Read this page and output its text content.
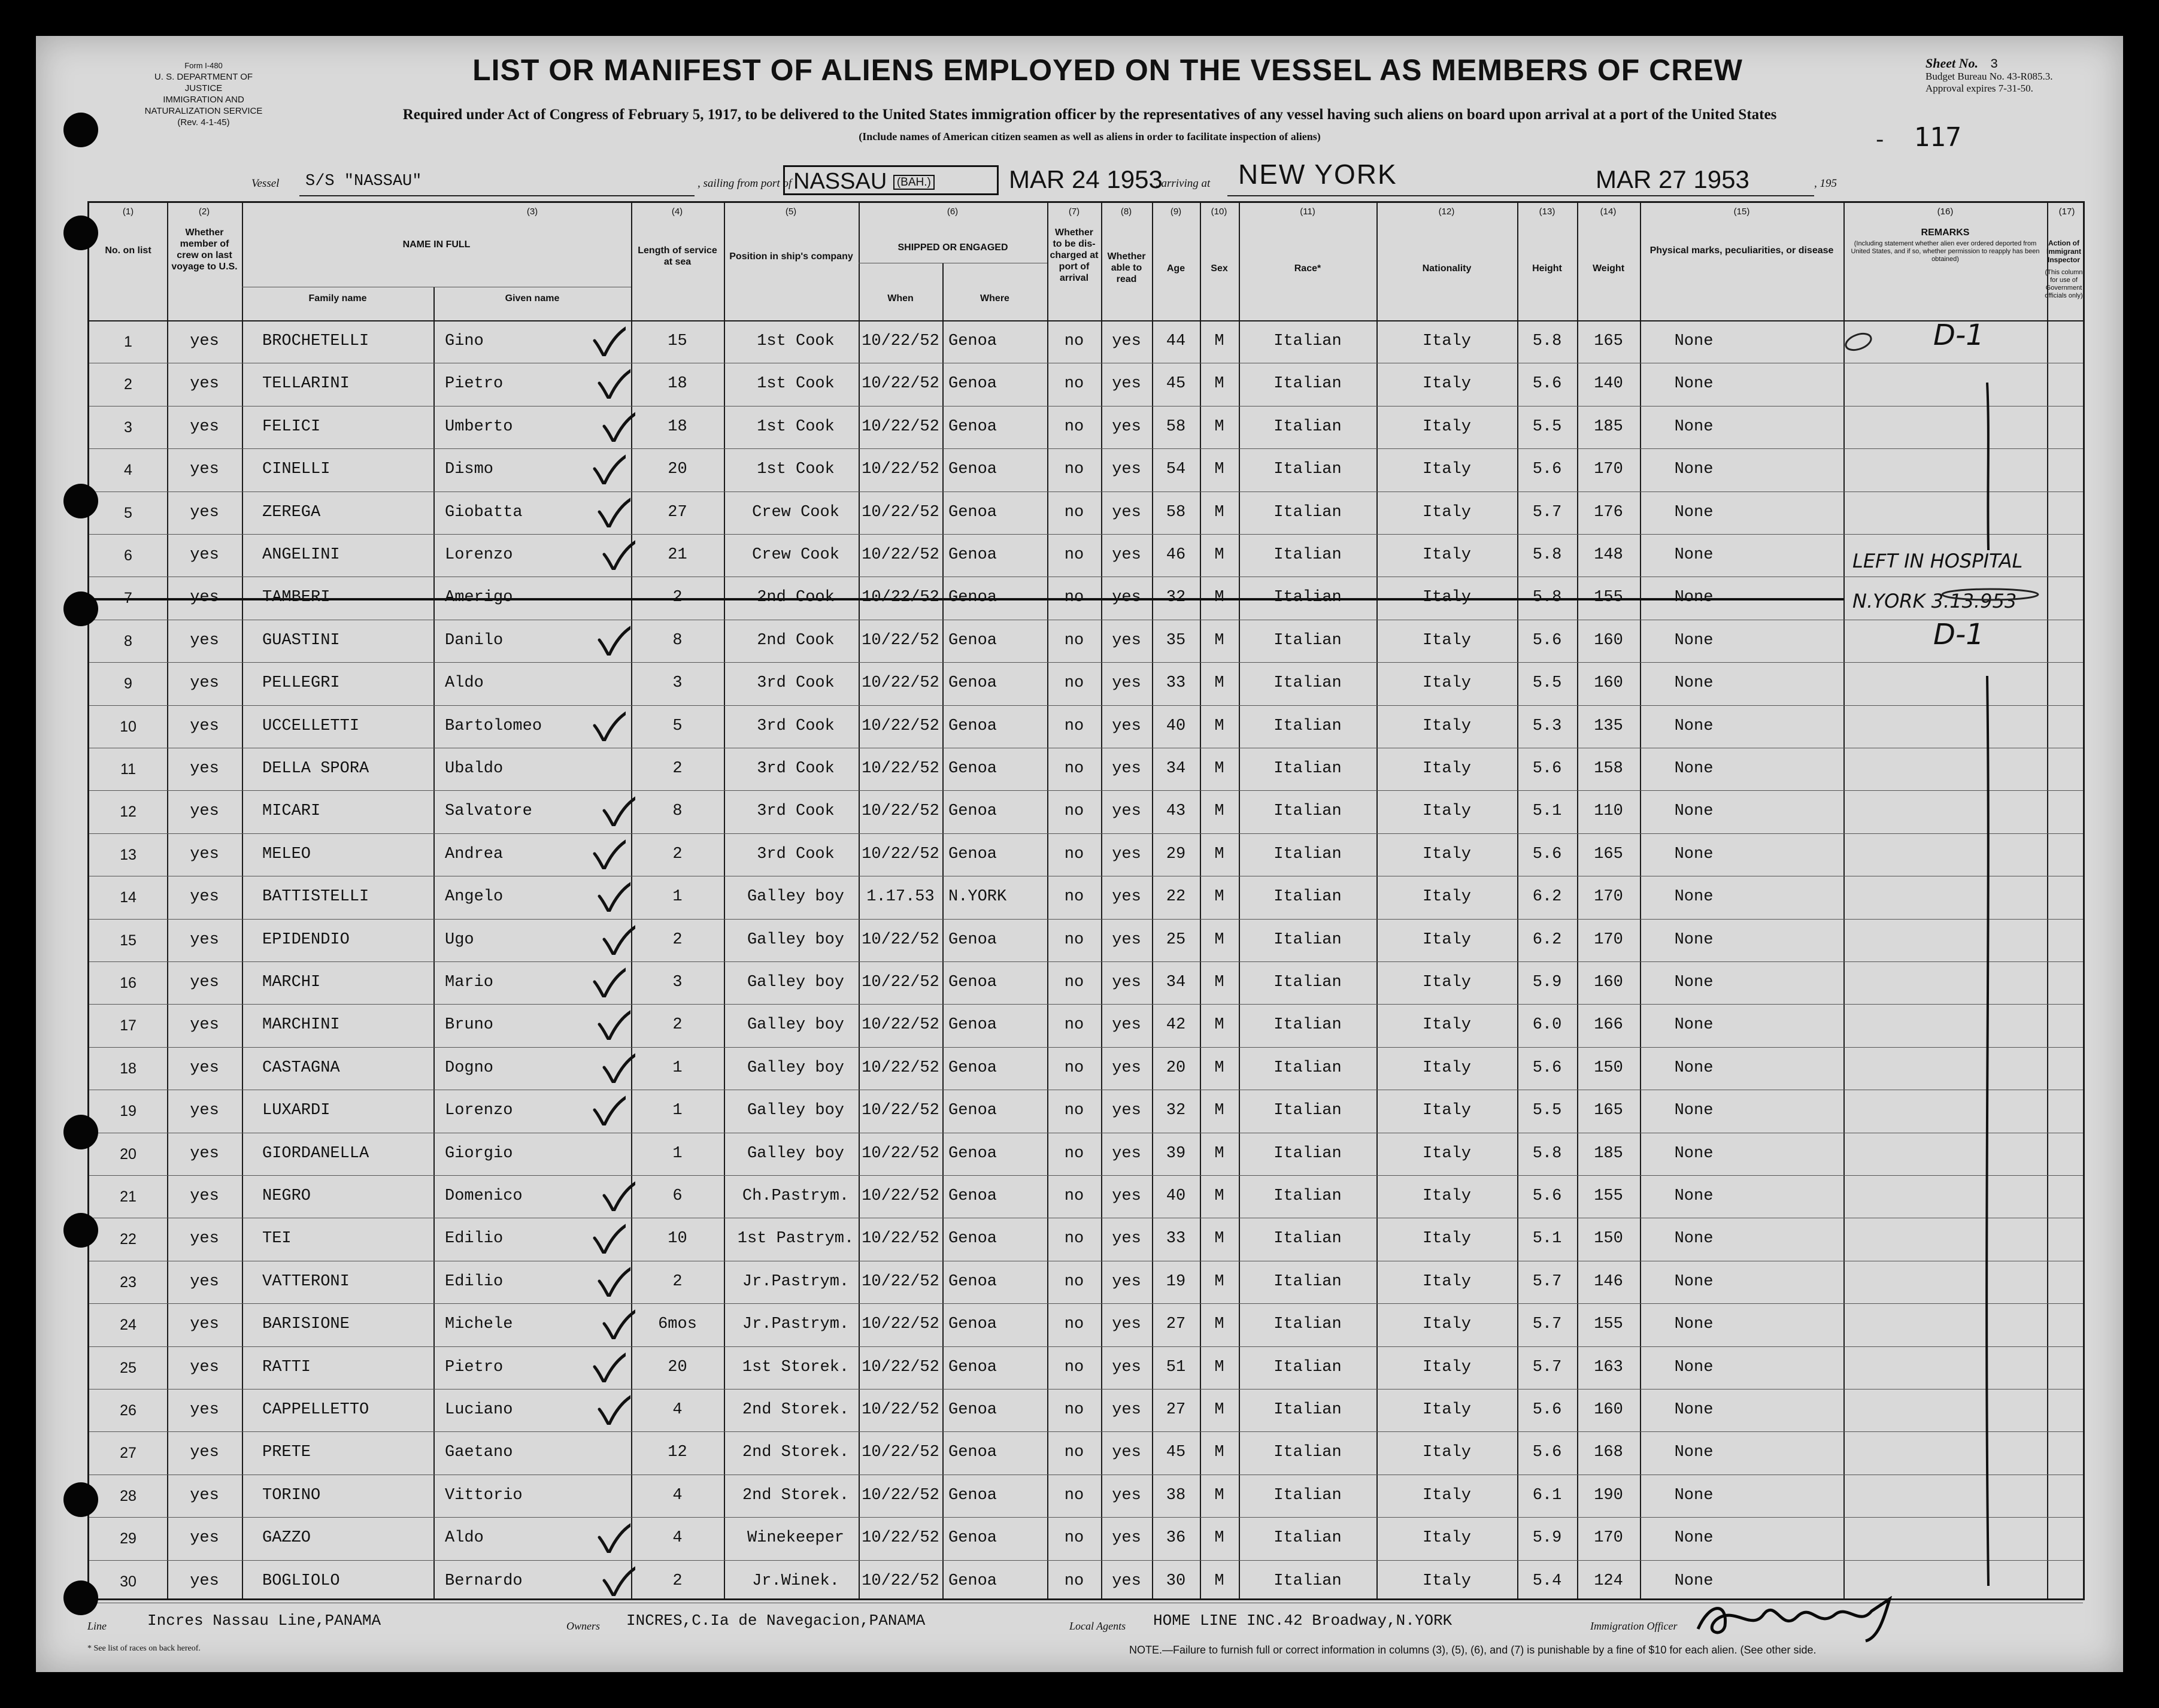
Form I-480
U. S. DEPARTMENT OF JUSTICE
IMMIGRATION AND NATURALIZATION SERVICE
(Rev. 4-1-45)
LIST OR MANIFEST OF ALIENS EMPLOYED ON THE VESSEL AS MEMBERS OF CREW
Required under Act of Congress of February 5, 1917, to be delivered to the United States immigration officer by the representatives of any vessel having such aliens on board upon arrival at a port of the United States
(Include names of American citizen seamen as well as aliens in order to facilitate inspection of aliens)
Sheet No. 3
Budget Bureau No. 43-R085.3.
Approval expires 7-31-50.
- 117
Vessel S/S "NASSAU"	, sailing from port of NASSAU (BAH.)	MAR 24 1953
, arriving at NEW YORK	MAR 27 1953	, 195
(1)	(2)	(3)	(4)	(5)	(6)	(7)	(8)	(9)	(10)	(11)	(12)	(13)	(14)	(15)	(16)	(17)
No. on list
Whether member of crew on last voyage to U.S.
NAME IN FULL
Family name	Given name
Length of service at sea
Position in ship's company
SHIPPED OR ENGAGED
When	Where
Whether to be dis-charged at port of arrival
Whether able to read
Age	Sex	Race*	Nationality	Height	Weight
Physical marks, peculiarities, or disease
REMARKS
(Including statement whether alien ever ordered deported from United States, and if so, whether permission to reapply has been obtained)
Action of Immigrant Inspector
(This column for use of Government officials only)
1	yes	BROCHETELLI	Gino	15	1st Cook	10/22/52 Genoa	no	yes	44	M	Italian	Italy	5.8	165	None
2	yes	TELLARINI	Pietro	18	1st Cook	10/22/52 Genoa	no	yes	45	M	Italian	Italy	5.6	140	None
3	yes	FELICI	Umberto	18	1st Cook	10/22/52 Genoa	no	yes	58	M	Italian	Italy	5.5	185	None
4	yes	CINELLI	Dismo	20	1st Cook	10/22/52 Genoa	no	yes	54	M	Italian	Italy	5.6	170	None
5	yes	ZEREGA	Giobatta	27	Crew Cook	10/22/52 Genoa	no	yes	58	M	Italian	Italy	5.7	176	None
6	yes	ANGELINI	Lorenzo	21	Crew Cook	10/22/52 Genoa	no	yes	46	M	Italian	Italy	5.8	148	None
7	yes	TAMBERI	Amerigo	2	2nd Cook	10/22/52 Genoa	no	yes	32	M	Italian	Italy	5.8	155	None
8	yes	GUASTINI	Danilo	8	2nd Cook	10/22/52 Genoa	no	yes	35	M	Italian	Italy	5.6	160	None
9	yes	PELLEGRI	Aldo	3	3rd Cook	10/22/52 Genoa	no	yes	33	M	Italian	Italy	5.5	160	None
10	yes	UCCELLETTI	Bartolomeo	5	3rd Cook	10/22/52 Genoa	no	yes	40	M	Italian	Italy	5.3	135	None
11	yes	DELLA SPORA	Ubaldo	2	3rd Cook	10/22/52 Genoa	no	yes	34	M	Italian	Italy	5.6	158	None
12	yes	MICARI	Salvatore	8	3rd Cook	10/22/52 Genoa	no	yes	43	M	Italian	Italy	5.1	110	None
13	yes	MELEO	Andrea	2	3rd Cook	10/22/52 Genoa	no	yes	29	M	Italian	Italy	5.6	165	None
14	yes	BATTISTELLI	Angelo	1	Galley boy	1.17.53 N.YORK	no	yes	22	M	Italian	Italy	6.2	170	None
15	yes	EPIDENDIO	Ugo	2	Galley boy	10/22/52 Genoa	no	yes	25	M	Italian	Italy	6.2	170	None
16	yes	MARCHI	Mario	3	Galley boy	10/22/52 Genoa	no	yes	34	M	Italian	Italy	5.9	160	None
17	yes	MARCHINI	Bruno	2	Galley boy	10/22/52 Genoa	no	yes	42	M	Italian	Italy	6.0	166	None
18	yes	CASTAGNA	Dogno	1	Galley boy	10/22/52 Genoa	no	yes	20	M	Italian	Italy	5.6	150	None
19	yes	LUXARDI	Lorenzo	1	Galley boy	10/22/52 Genoa	no	yes	32	M	Italian	Italy	5.5	165	None
20	yes	GIORDANELLA	Giorgio	1	Galley boy	10/22/52 Genoa	no	yes	39	M	Italian	Italy	5.8	185	None
21	yes	NEGRO	Domenico	6	Ch.Pastrym. 10/22/52 Genoa	no	yes	40	M	Italian	Italy	5.6	155	None
22	yes	TEI	Edilio	10	1st Pastrym. 10/22/52 Genoa	no	yes	33	M	Italian	Italy	5.1	150	None
23	yes	VATTERONI	Edilio	2	Jr.Pastrym. 10/22/52 Genoa	no	yes	19	M	Italian	Italy	5.7	146	None
24	yes	BARISIONE	Michele	6mos	Jr.Pastrym. 10/22/52 Genoa	no	yes	27	M	Italian	Italy	5.7	155	None
25	yes	RATTI	Pietro	20	1st Storek. 10/22/52 Genoa	no	yes	51	M	Italian	Italy	5.7	163	None
26	yes	CAPPELLETTO	Luciano	4	2nd Storek. 10/22/52 Genoa	no	yes	27	M	Italian	Italy	5.6	160	None
27	yes	PRETE	Gaetano	12	2nd Storek. 10/22/52 Genoa	no	yes	45	M	Italian	Italy	5.6	168	None
28	yes	TORINO	Vittorio	4	2nd Storek. 10/22/52 Genoa	no	yes	38	M	Italian	Italy	6.1	190	None
29	yes	GAZZO	Aldo	4	Winekeeper	10/22/52 Genoa	no	yes	36	M	Italian	Italy	5.9	170	None
30	yes	BOGLIOLO	Bernardo	2	Jr.Winek.	10/22/52 Genoa	no	yes	30	M	Italian	Italy	5.4	124	None
LEFT IN HOSPITAL
N.YORK 3.13.953
D-1
D-1
Line	Incres Nassau Line,PANAMA	Owners INCRES,C.Ia de Navegacion,PANAMA	Local Agents HOME LINE INC.42 Broadway,N.YORK	Immigration Officer
* See list of races on back hereof.	NOTE.—Failure to furnish full or correct information in columns (3), (5), (6), and (7) is punishable by a fine of $10 for each alien. (See other side.
